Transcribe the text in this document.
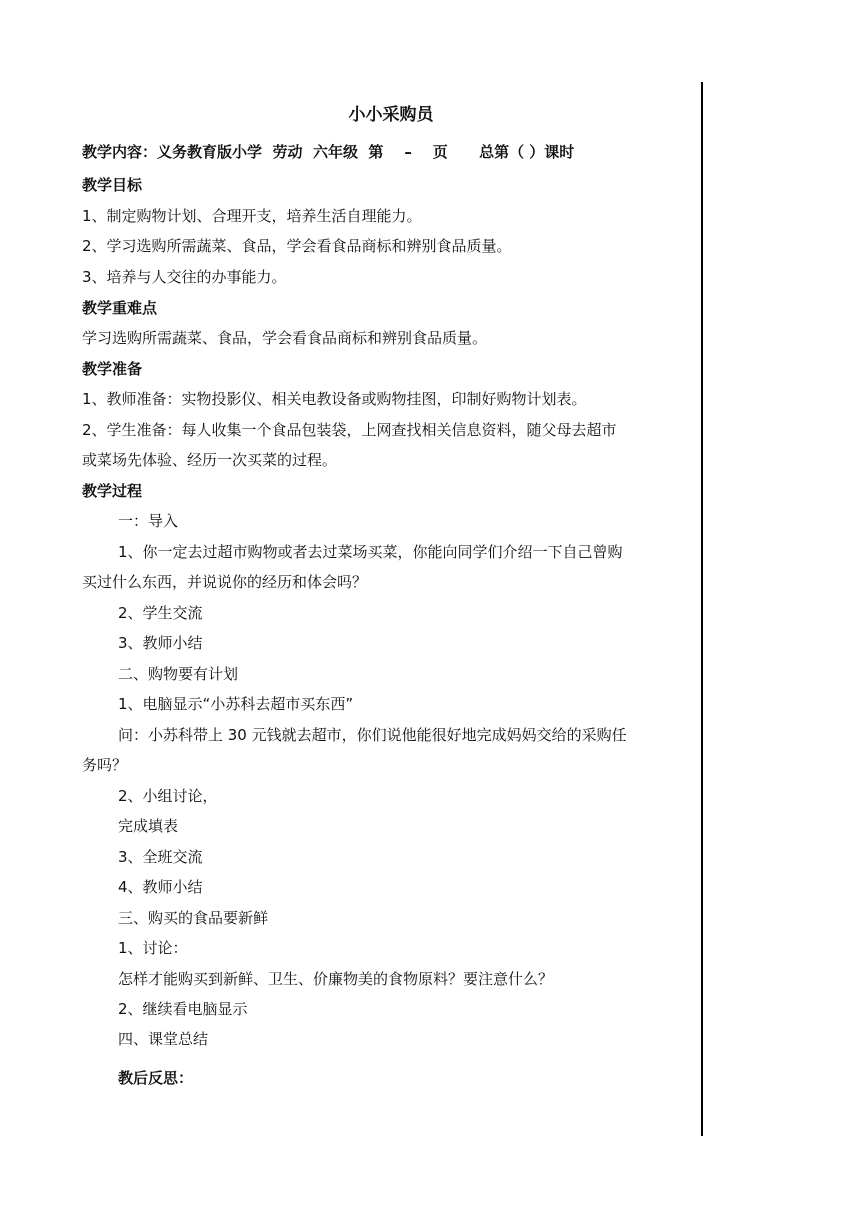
小小采购员
教学内容：义务教育版小学 劳动 六年级 第 – 页 总第（ ）课时
教学目标
1、制定购物计划、合理开支，培养生活自理能力。
2、学习选购所需蔬菜、食品，学会看食品商标和辨别食品质量。
3、培养与人交往的办事能力。
教学重难点
学习选购所需蔬菜、食品，学会看食品商标和辨别食品质量。
教学准备
1、教师准备：实物投影仪、相关电教设备或购物挂图，印制好购物计划表。
2、学生准备：每人收集一个食品包装袋，上网查找相关信息资料，随父母去超市
或菜场先体验、经历一次买菜的过程。
教学过程
一：导入
1、你一定去过超市购物或者去过菜场买菜，你能向同学们介绍一下自己曾购
买过什么东西，并说说你的经历和体会吗？
2、学生交流
3、教师小结
二、购物要有计划
1、电脑显示“小苏科去超市买东西”
问：小苏科带上 30 元钱就去超市，你们说他能很好地完成妈妈交给的采购任
务吗？
2、小组讨论，
完成填表
3、全班交流
4、教师小结
三、购买的食品要新鲜
1、讨论：
怎样才能购买到新鲜、卫生、价廉物美的食物原料？要注意什么？
2、继续看电脑显示
四、课堂总结
教后反思：
